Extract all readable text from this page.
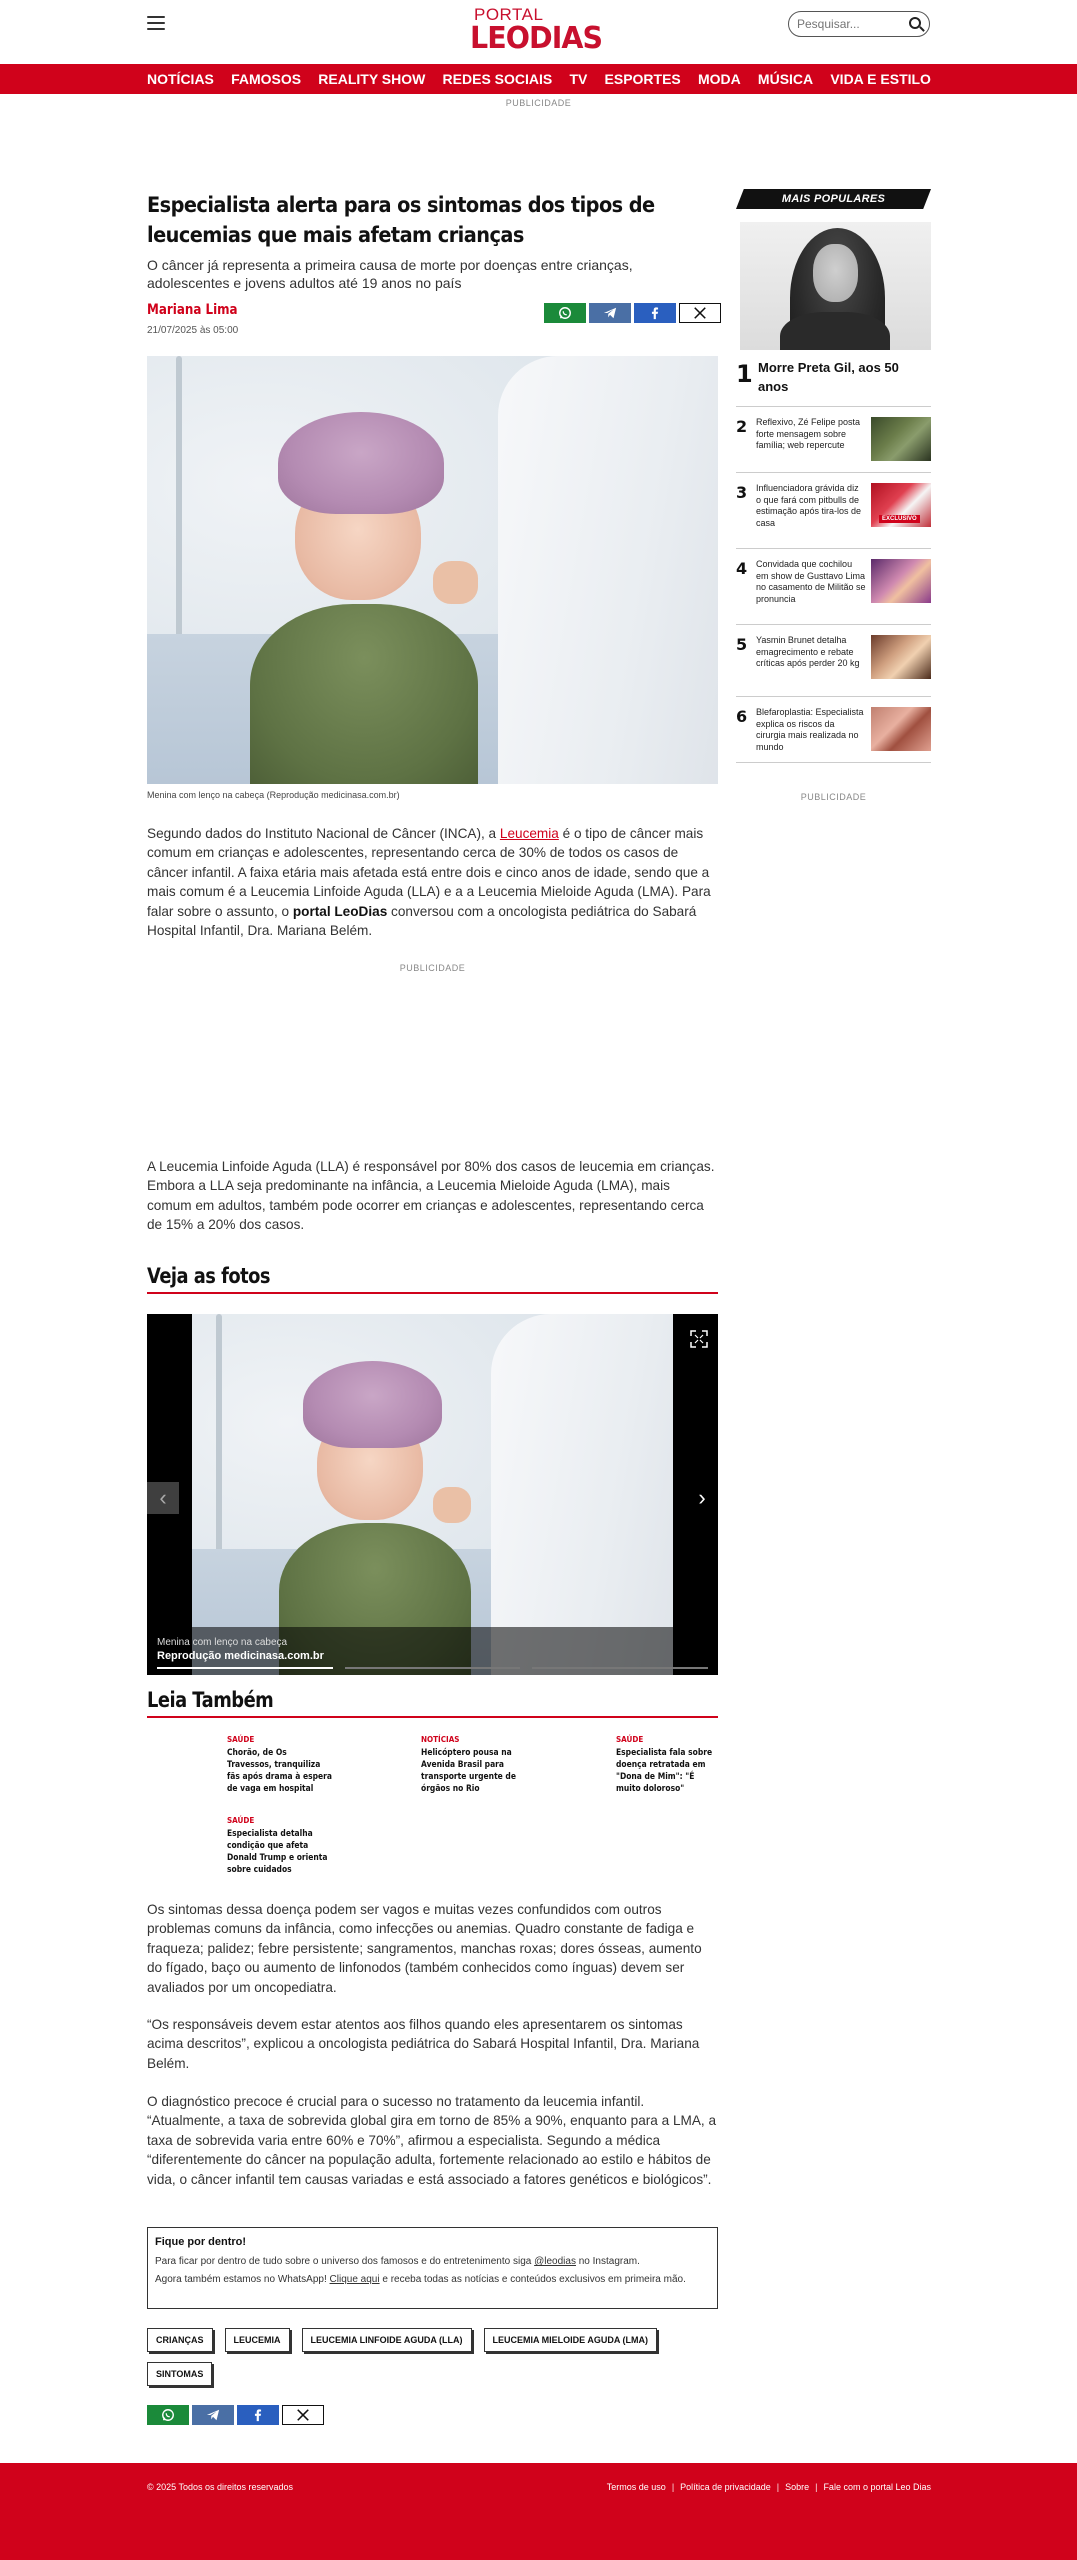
PORTAL
LEODIAS
Pesquisar...
NOTÍCIAS FAMOSOS REALITY SHOW REDES SOCIAIS TV ESPORTES MODA MÚSICA VIDA E ESTILO
PUBLICIDADE
Especialista alerta para os sintomas dos tipos de leucemias que mais afetam crianças
O câncer já representa a primeira causa de morte por doenças entre crianças, adolescentes e jovens adultos até 19 anos no país
Mariana Lima
21/07/2025 às 05:00
Menina com lenço na cabeça (Reprodução medicinasa.com.br)
Segundo dados do Instituto Nacional de Câncer (INCA), a Leucemia é o tipo de câncer mais comum em crianças e adolescentes, representando cerca de 30% de todos os casos de câncer infantil. A faixa etária mais afetada está entre dois e cinco anos de idade, sendo que a mais comum é a Leucemia Linfoide Aguda (LLA) e a a Leucemia Mieloide Aguda (LMA). Para falar sobre o assunto, o portal LeoDias conversou com a oncologista pediátrica do Sabará Hospital Infantil, Dra. Mariana Belém.
PUBLICIDADE
A Leucemia Linfoide Aguda (LLA) é responsável por 80% dos casos de leucemia em crianças. Embora a LLA seja predominante na infância, a Leucemia Mieloide Aguda (LMA), mais comum em adultos, também pode ocorrer em crianças e adolescentes, representando cerca de 15% a 20% dos casos.
Veja as fotos
‹	›
Menina com lenço na cabeça
Reprodução medicinasa.com.br
Leia Também
SAÚDE
Chorão, de Os Travessos, tranquiliza fãs após drama à espera de vaga em hospital
NOTÍCIAS
Helicóptero pousa na Avenida Brasil para transporte urgente de órgãos no Rio
SAÚDE
Especialista fala sobre doença retratada em "Dona de Mim": "É muito doloroso"
SAÚDE
Especialista detalha condição que afeta Donald Trump e orienta sobre cuidados
Os sintomas dessa doença podem ser vagos e muitas vezes confundidos com outros problemas comuns da infância, como infecções ou anemias. Quadro constante de fadiga e fraqueza; palidez; febre persistente; sangramentos, manchas roxas; dores ósseas, aumento do fígado, baço ou aumento de linfonodos (também conhecidos como ínguas) devem ser avaliados por um oncopediatra.
“Os responsáveis devem estar atentos aos filhos quando eles apresentarem os sintomas acima descritos”, explicou a oncologista pediátrica do Sabará Hospital Infantil, Dra. Mariana Belém.
O diagnóstico precoce é crucial para o sucesso no tratamento da leucemia infantil. “Atualmente, a taxa de sobrevida global gira em torno de 85% a 90%, enquanto para a LMA, a taxa de sobrevida varia entre 60% e 70%”, afirmou a especialista. Segundo a médica “diferentemente do câncer na população adulta, fortemente relacionado ao estilo e hábitos de vida, o câncer infantil tem causas variadas e está associado a fatores genéticos e biológicos”.
Fique por dentro!

Para ficar por dentro de tudo sobre o universo dos famosos e do entretenimento siga @leodias no Instagram.

Agora também estamos no WhatsApp! Clique aqui e receba todas as notícias e conteúdos exclusivos em primeira mão.

CRIANÇAS	LEUCEMIA	LEUCEMIA LINFOIDE AGUDA (LLA)	LEUCEMIA MIELOIDE AGUDA (LMA)
SINTOMAS
MAIS POPULARES
1 Morre Preta Gil, aos 50 anos
2 Reflexivo, Zé Felipe posta forte mensagem sobre família; web repercute
3 Influenciadora grávida diz o que fará com pitbulls de estimação após tira-los de casa	EXCLUSIVO
4 Convidada que cochilou em show de Gusttavo Lima no casamento de Militão se pronuncia
5 Yasmin Brunet detalha emagrecimento e rebate críticas após perder 20 kg
6 Blefaroplastia: Especialista explica os riscos da cirurgia mais realizada no mundo
PUBLICIDADE
© 2025 Todos os direitos reservados	Termos de uso | Política de privacidade | Sobre | Fale com o portal Leo Dias
